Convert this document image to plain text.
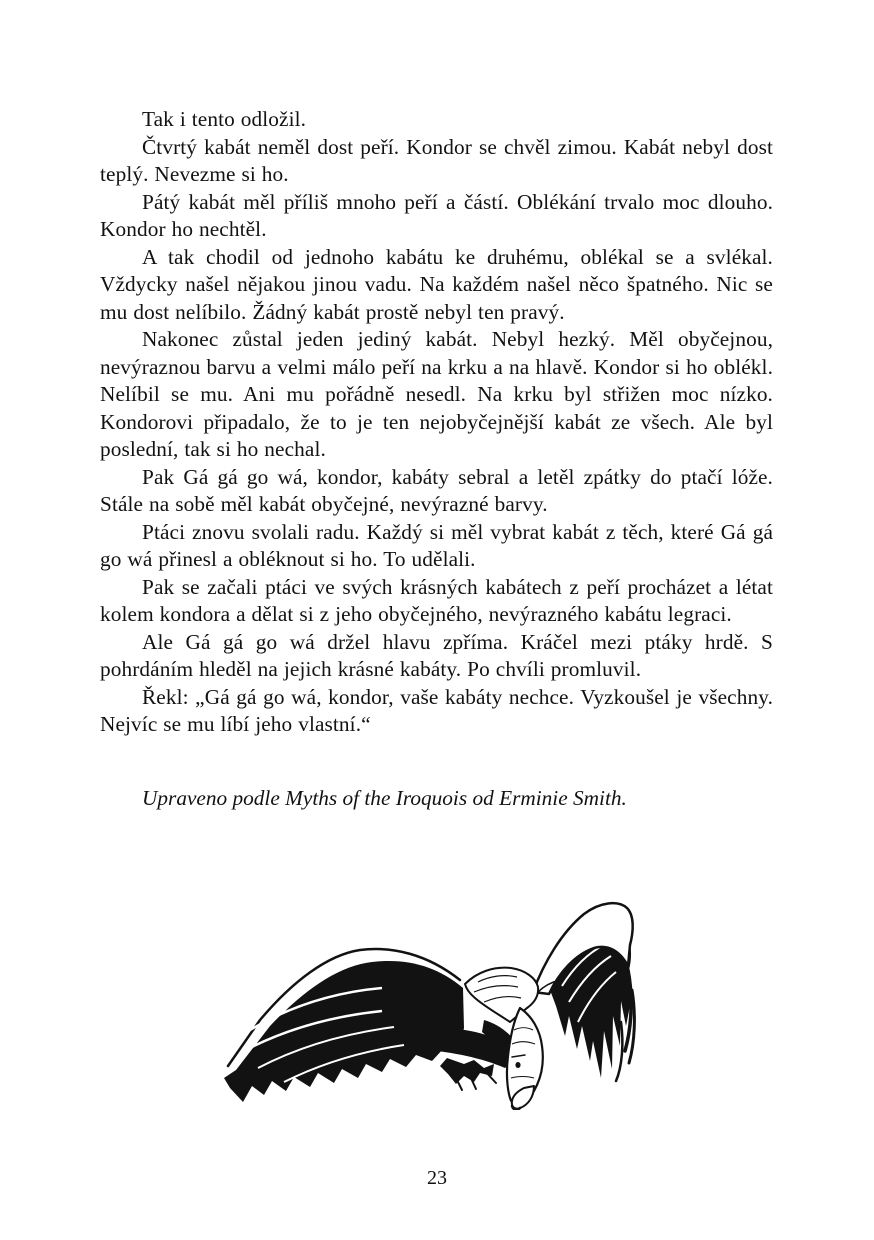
Tak i tento odložil.

Čtvrtý kabát neměl dost peří. Kondor se chvěl zimou. Kabát nebyl dost teplý. Nevezme si ho.

Pátý kabát měl příliš mnoho peří a částí. Oblékání trvalo moc dlouho. Kondor ho nechtěl.

A tak chodil od jednoho kabátu ke druhému, oblékal se a svlékal. Vždycky našel nějakou jinou vadu. Na každém našel něco špatného. Nic se mu dost nelíbilo. Žádný kabát prostě nebyl ten pravý.

Nakonec zůstal jeden jediný kabát. Nebyl hezký. Měl obyčejnou, nevýraznou barvu a velmi málo peří na krku a na hlavě. Kondor si ho oblékl. Nelíbil se mu. Ani mu pořádně nesedl. Na krku byl střižen moc nízko. Kondorovi připadalo, že to je ten nejobyčejnější kabát ze všech. Ale byl poslední, tak si ho nechal.

Pak Gá gá go wá, kondor, kabáty sebral a letěl zpátky do ptačí lóže. Stále na sobě měl kabát obyčejné, nevýrazné barvy.

Ptáci znovu svolali radu. Každý si měl vybrat kabát z těch, které Gá gá go wá přinesl a obléknout si ho. To udělali.

Pak se začali ptáci ve svých krásných kabátech z peří procházet a létat kolem kondora a dělat si z jeho obyčejného, nevýrazného kabátu legraci.

Ale Gá gá go wá držel hlavu zpříma. Kráčel mezi ptáky hrdě. S pohrdáním hleděl na jejich krásné kabáty. Po chvíli promluvil.

Řekl: „Gá gá go wá, kondor, vaše kabáty nechce. Vyzkoušel je všechny. Nejvíc se mu líbí jeho vlastní.“

Upraveno podle Myths of the Iroquois od Erminie Smith.

23
